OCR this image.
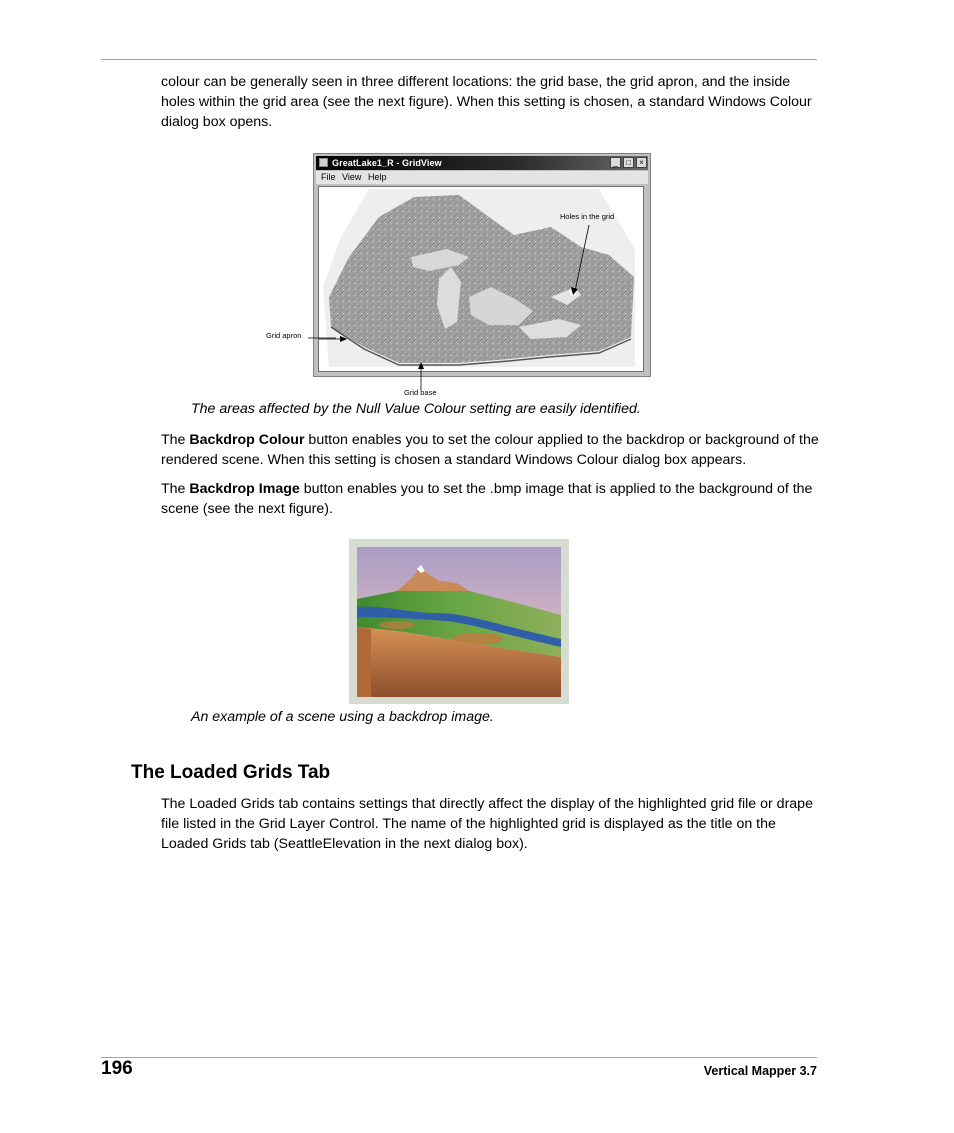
colour can be generally seen in three different locations: the grid base, the grid apron, and the inside holes within the grid area (see the next figure). When this setting is chosen, a standard Windows Colour dialog box opens.

GreatLake1_R - GridView	_	□	×
File View Help
Holes in the grid
Grid apron
Grid base

The areas affected by the Null Value Colour setting are easily identified.

The Backdrop Colour button enables you to set the colour applied to the backdrop or background of the rendered scene. When this setting is chosen a standard Windows Colour dialog box appears.

The Backdrop Image button enables you to set the .bmp image that is applied to the background of the scene (see the next figure).

An example of a scene using a backdrop image.

The Loaded Grids Tab

The Loaded Grids tab contains settings that directly affect the display of the highlighted grid file or drape file listed in the Grid Layer Control. The name of the highlighted grid is displayed as the title on the Loaded Grids tab (SeattleElevation in the next dialog box).

196	Vertical Mapper 3.7
